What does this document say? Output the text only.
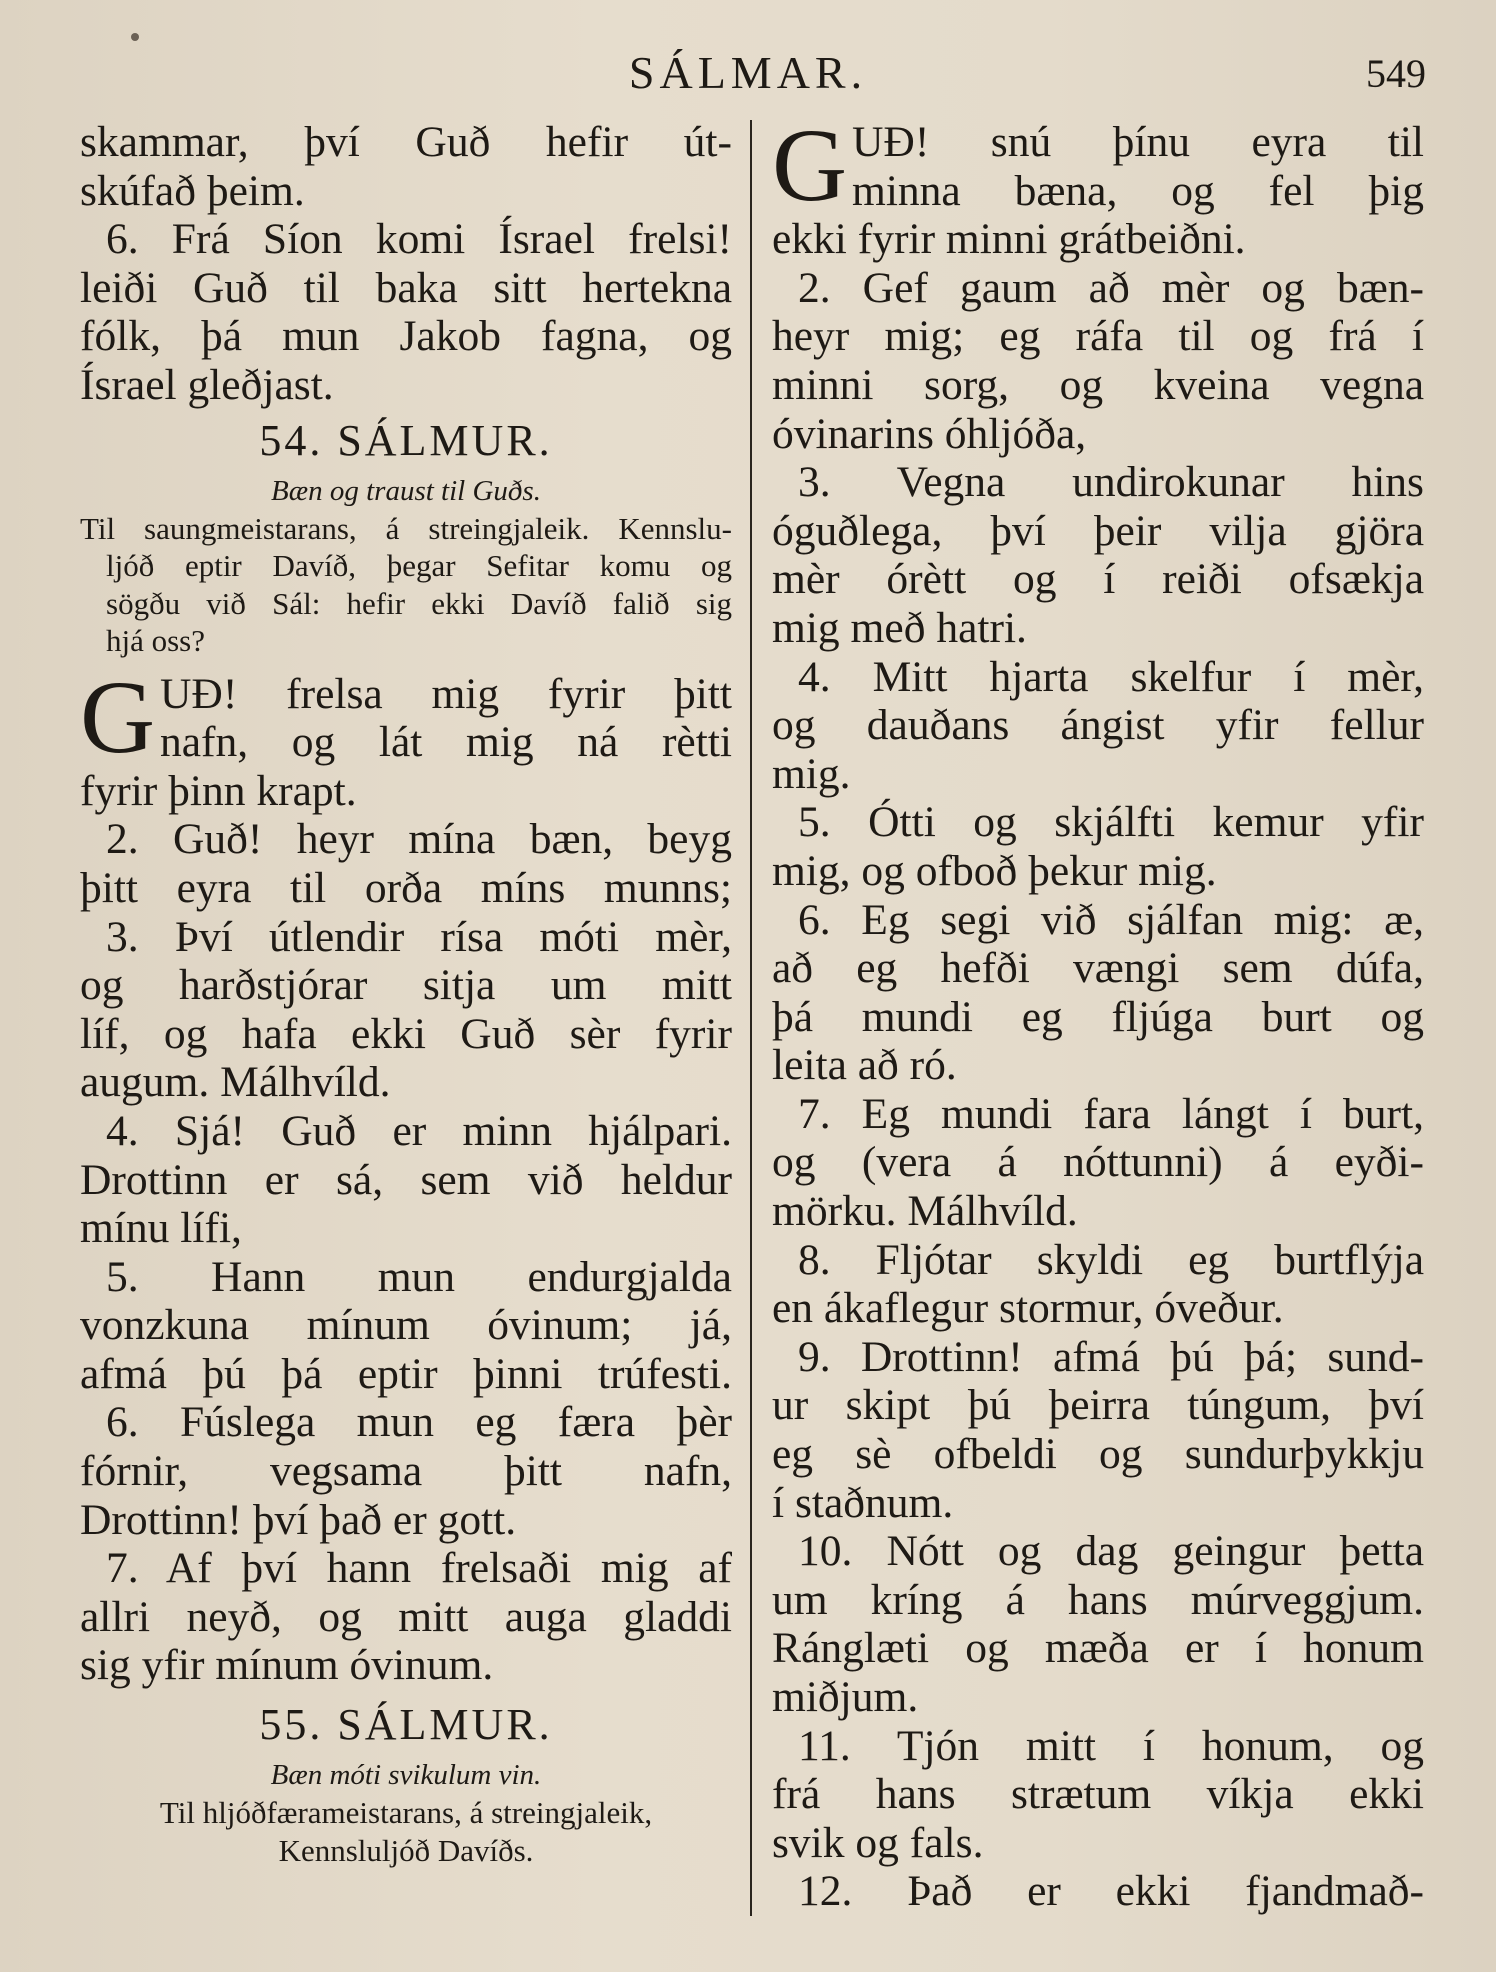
SÁLMAR.	549
skammar, því Guð hefir út-
skúfað þeim.
6. Frá Síon komi Ísrael frelsi!
leiði Guð til baka sitt hertekna
fólk, þá mun Jakob fagna, og
Ísrael gleðjast.
54. SÁLMUR.
Bæn og traust til Guðs.
Til saungmeistarans, á streingjaleik. Kennslu-
ljóð eptir Davíð, þegar Sefitar komu og
sögðu við Sál: hefir ekki Davíð falið sig
hjá oss?
G UÐ! frelsa mig fyrir þitt
nafn, og lát mig ná rètti
fyrir þinn krapt.
2. Guð! heyr mína bæn, beyg
þitt eyra til orða míns munns;
3. Því útlendir rísa móti mèr,
og harðstjórar sitja um mitt
líf, og hafa ekki Guð sèr fyrir
augum. Málhvíld.
4. Sjá! Guð er minn hjálpari.
Drottinn er sá, sem við heldur
mínu lífi,
5. Hann mun endurgjalda
vonzkuna mínum óvinum; já,
afmá þú þá eptir þinni trúfesti.
6. Fúslega mun eg færa þèr
fórnir, vegsama þitt nafn,
Drottinn! því það er gott.
7. Af því hann frelsaði mig af
allri neyð, og mitt auga gladdi
sig yfir mínum óvinum.
55. SÁLMUR.
Bæn móti svikulum vin.
Til hljóðfærameistarans, á streingjaleik,
Kennsluljóð Davíðs.
G UÐ! snú þínu eyra til
minna bæna, og fel þig
ekki fyrir minni grátbeiðni.
2. Gef gaum að mèr og bæn-
heyr mig; eg ráfa til og frá í
minni sorg, og kveina vegna
óvinarins óhljóða,
3. Vegna undirokunar hins
óguðlega, því þeir vilja gjöra
mèr órètt og í reiði ofsækja
mig með hatri.
4. Mitt hjarta skelfur í mèr,
og dauðans ángist yfir fellur
mig.
5. Ótti og skjálfti kemur yfir
mig, og ofboð þekur mig.
6. Eg segi við sjálfan mig: æ,
að eg hefði vængi sem dúfa,
þá mundi eg fljúga burt og
leita að ró.
7. Eg mundi fara lángt í burt,
og (vera á nóttunni) á eyði-
mörku. Málhvíld.
8. Fljótar skyldi eg burtflýja
en ákaflegur stormur, óveður.
9. Drottinn! afmá þú þá; sund-
ur skipt þú þeirra túngum, því
eg sè ofbeldi og sundurþykkju
í staðnum.
10. Nótt og dag geingur þetta
um kríng á hans múrveggjum.
Ránglæti og mæða er í honum
miðjum.
11. Tjón mitt í honum, og
frá hans strætum víkja ekki
svik og fals.
12. Það er ekki fjandmað-
